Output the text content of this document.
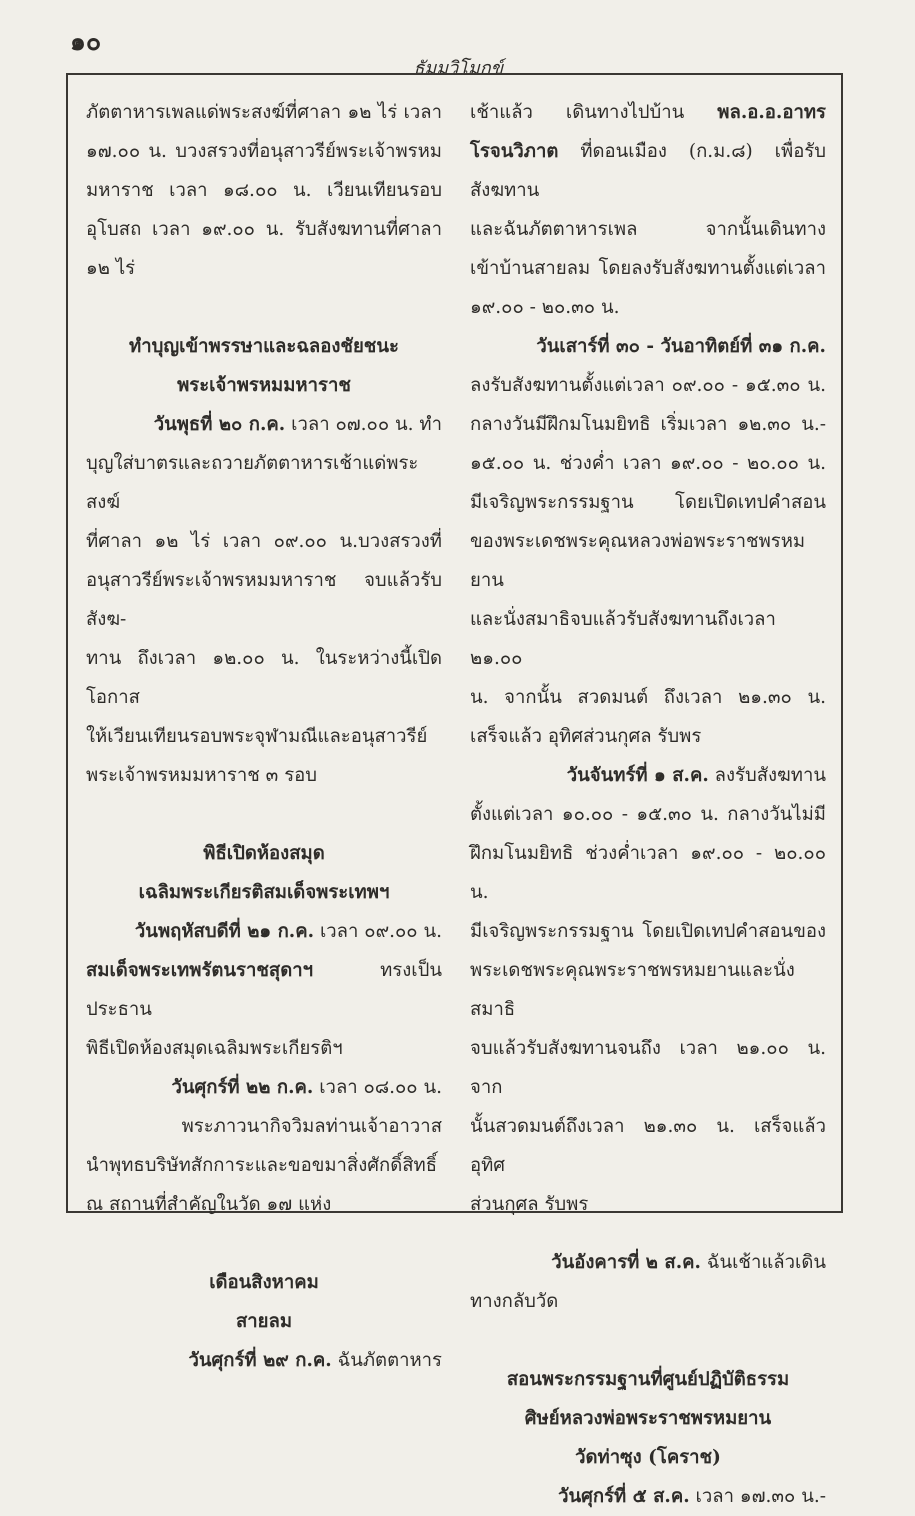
๑๐
ธัมมวิโมกข์

ภัตตาหารเพลแด่พระสงฆ์ที่ศาลา ๑๒ ไร่ เวลา

๑๗.๐๐ น. บวงสรวงที่อนุสาวรีย์พระเจ้าพรหม

มหาราช เวลา ๑๘.๐๐ น. เวียนเทียนรอบ

อุโบสถ เวลา ๑๙.๐๐ น. รับสังฆทานที่ศาลา

๑๒ ไร่

ทำบุญเข้าพรรษาและฉลองชัยชนะ

พระเจ้าพรหมมหาราช

วันพุธที่ ๒๐ ก.ค. เวลา ๐๗.๐๐ น. ทำ

บุญใส่บาตรและถวายภัตตาหารเช้าแด่พระสงฆ์

ที่ศาลา ๑๒ ไร่ เวลา ๐๙.๐๐ น.บวงสรวงที่

อนุสาวรีย์พระเจ้าพรหมมหาราช จบแล้วรับสังฆ-

ทาน ถึงเวลา ๑๒.๐๐ น. ในระหว่างนี้เปิดโอกาส

ให้เวียนเทียนรอบพระจุฬามณีและอนุสาวรีย์

พระเจ้าพรหมมหาราช ๓ รอบ

พิธีเปิดห้องสมุด

เฉลิมพระเกียรติสมเด็จพระเทพฯ

วันพฤหัสบดีที่ ๒๑ ก.ค. เวลา ๐๙.๐๐ น.

สมเด็จพระเทพรัตนราชสุดาฯ	ทรงเป็นประธาน

พิธีเปิดห้องสมุดเฉลิมพระเกียรติฯ

วันศุกร์ที่ ๒๒ ก.ค. เวลา ๐๘.๐๐ น.

พระภาวนากิจวิมลท่านเจ้าอาวาส

นำพุทธบริษัทสักการะและขอขมาสิ่งศักดิ์สิทธิ์

ณ สถานที่สำคัญในวัด ๑๗ แห่ง

เดือนสิงหาคม

สายลม

วันศุกร์ที่ ๒๙ ก.ค. ฉันภัตตาหาร

เช้าแล้ว เดินทางไปบ้าน พล.อ.อ.อาทร

โรจนวิภาต ที่ดอนเมือง (ก.ม.๘) เพื่อรับสังฆทาน

และฉันภัตตาหารเพล จากนั้นเดินทาง

เข้าบ้านสายลม โดยลงรับสังฆทานตั้งแต่เวลา

๑๙.๐๐ - ๒๐.๓๐ น.

วันเสาร์ที่ ๓๐ - วันอาทิตย์ที่ ๓๑ ก.ค.

ลงรับสังฆทานตั้งแต่เวลา ๐๙.๐๐ - ๑๕.๓๐ น.

กลางวันมีฝึกมโนมยิทธิ เริ่มเวลา ๑๒.๓๐ น.-

๑๕.๐๐ น. ช่วงค่ำ เวลา ๑๙.๐๐ - ๒๐.๐๐ น.

มีเจริญพระกรรมฐาน โดยเปิดเทปคำสอน

ของพระเดชพระคุณหลวงพ่อพระราชพรหมยาน

และนั่งสมาธิจบแล้วรับสังฆทานถึงเวลา ๒๑.๐๐

น. จากนั้น สวดมนต์ ถึงเวลา ๒๑.๓๐ น.

เสร็จแล้ว อุทิศส่วนกุศล รับพร

วันจันทร์ที่ ๑ ส.ค. ลงรับสังฆทาน

ตั้งแต่เวลา ๑๐.๐๐ - ๑๕.๓๐ น. กลางวันไม่มี

ฝึกมโนมยิทธิ ช่วงค่ำเวลา ๑๙.๐๐ - ๒๐.๐๐ น.

มีเจริญพระกรรมฐาน โดยเปิดเทปคำสอนของ

พระเดชพระคุณพระราชพรหมยานและนั่งสมาธิ

จบแล้วรับสังฆทานจนถึง เวลา ๒๑.๐๐ น. จาก

นั้นสวดมนต์ถึงเวลา ๒๑.๓๐ น. เสร็จแล้ว อุทิศ

ส่วนกุศล รับพร

วันอังคารที่ ๒ ส.ค. ฉันเช้าแล้วเดิน

ทางกลับวัด

สอนพระกรรมฐานที่ศูนย์ปฏิบัติธรรม

ศิษย์หลวงพ่อพระราชพรหมยาน

วัดท่าซุง (โคราช)

วันศุกร์ที่ ๕ ส.ค. เวลา ๑๗.๓๐ น.-
